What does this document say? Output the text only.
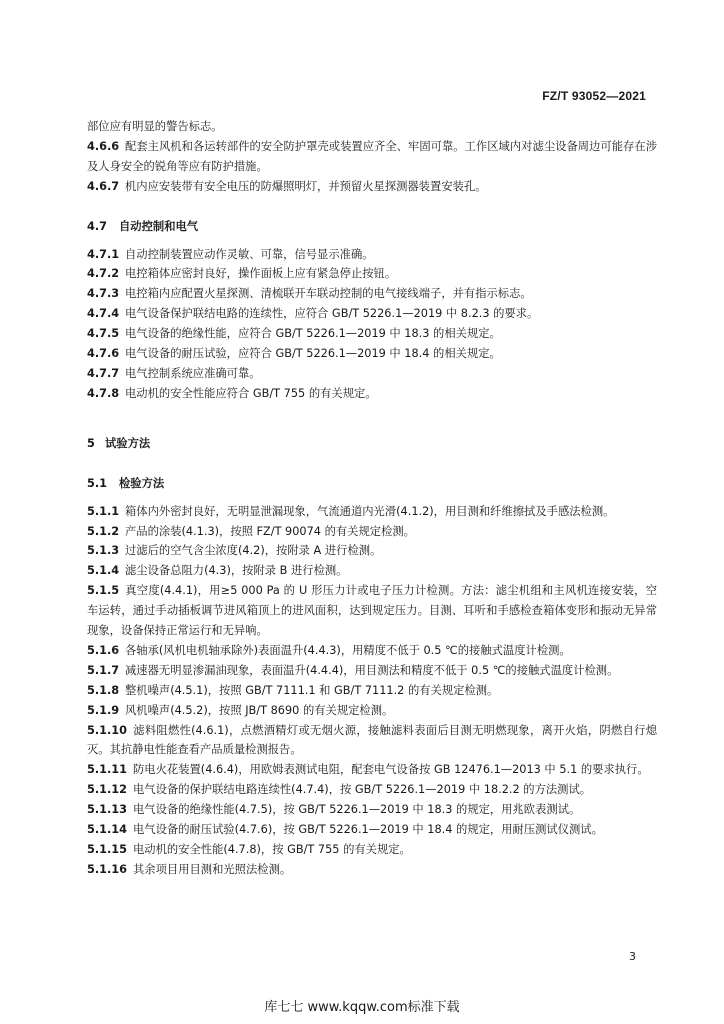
FZ/T 93052—2021

部位应有明显的警告标志。

4.6.6 配套主风机和各运转部件的安全防护罩壳或装置应齐全、牢固可靠。工作区域内对滤尘设备周边可能存在涉及人身安全的锐角等应有防护措施。

4.6.7 机内应安装带有安全电压的防爆照明灯，并预留火星探测器装置安装孔。

4.7 自动控制和电气

4.7.1 自动控制装置应动作灵敏、可靠，信号显示准确。

4.7.2 电控箱体应密封良好，操作面板上应有紧急停止按钮。

4.7.3 电控箱内应配置火星探测、清梳联开车联动控制的电气接线端子，并有指示标志。

4.7.4 电气设备保护联结电路的连续性，应符合 GB/T 5226.1—2019 中 8.2.3 的要求。

4.7.5 电气设备的绝缘性能，应符合 GB/T 5226.1—2019 中 18.3 的相关规定。

4.7.6 电气设备的耐压试验，应符合 GB/T 5226.1—2019 中 18.4 的相关规定。

4.7.7 电气控制系统应准确可靠。

4.7.8 电动机的安全性能应符合 GB/T 755 的有关规定。

5 试验方法

5.1 检验方法

5.1.1 箱体内外密封良好，无明显泄漏现象，气流通道内光滑(4.1.2)，用目测和纤维擦拭及手感法检测。

5.1.2 产品的涂装(4.1.3)，按照 FZ/T 90074 的有关规定检测。

5.1.3 过滤后的空气含尘浓度(4.2)，按附录 A 进行检测。

5.1.4 滤尘设备总阻力(4.3)，按附录 B 进行检测。

5.1.5 真空度(4.4.1)，用≥5 000 Pa 的 U 形压力计或电子压力计检测。方法：滤尘机组和主风机连接安装，空车运转，通过手动插板调节进风箱顶上的进风面积，达到规定压力。目测、耳听和手感检查箱体变形和振动无异常现象，设备保持正常运行和无异响。

5.1.6 各轴承(风机电机轴承除外)表面温升(4.4.3)，用精度不低于 0.5 ℃的接触式温度计检测。

5.1.7 减速器无明显渗漏油现象，表面温升(4.4.4)，用目测法和精度不低于 0.5 ℃的接触式温度计检测。

5.1.8 整机噪声(4.5.1)，按照 GB/T 7111.1 和 GB/T 7111.2 的有关规定检测。

5.1.9 风机噪声(4.5.2)，按照 JB/T 8690 的有关规定检测。

5.1.10 滤料阻燃性(4.6.1)，点燃酒精灯或无烟火源，接触滤料表面后目测无明燃现象，离开火焰，阴燃自行熄灭。其抗静电性能查看产品质量检测报告。

5.1.11 防电火花装置(4.6.4)，用欧姆表测试电阻，配套电气设备按 GB 12476.1—2013 中 5.1 的要求执行。

5.1.12 电气设备的保护联结电路连续性(4.7.4)，按 GB/T 5226.1—2019 中 18.2.2 的方法测试。

5.1.13 电气设备的绝缘性能(4.7.5)，按 GB/T 5226.1—2019 中 18.3 的规定，用兆欧表测试。

5.1.14 电气设备的耐压试验(4.7.6)，按 GB/T 5226.1—2019 中 18.4 的规定，用耐压测试仪测试。

5.1.15 电动机的安全性能(4.7.8)，按 GB/T 755 的有关规定。

5.1.16 其余项目用目测和光照法检测。

3
库七七 www.kqqw.com标准下载
